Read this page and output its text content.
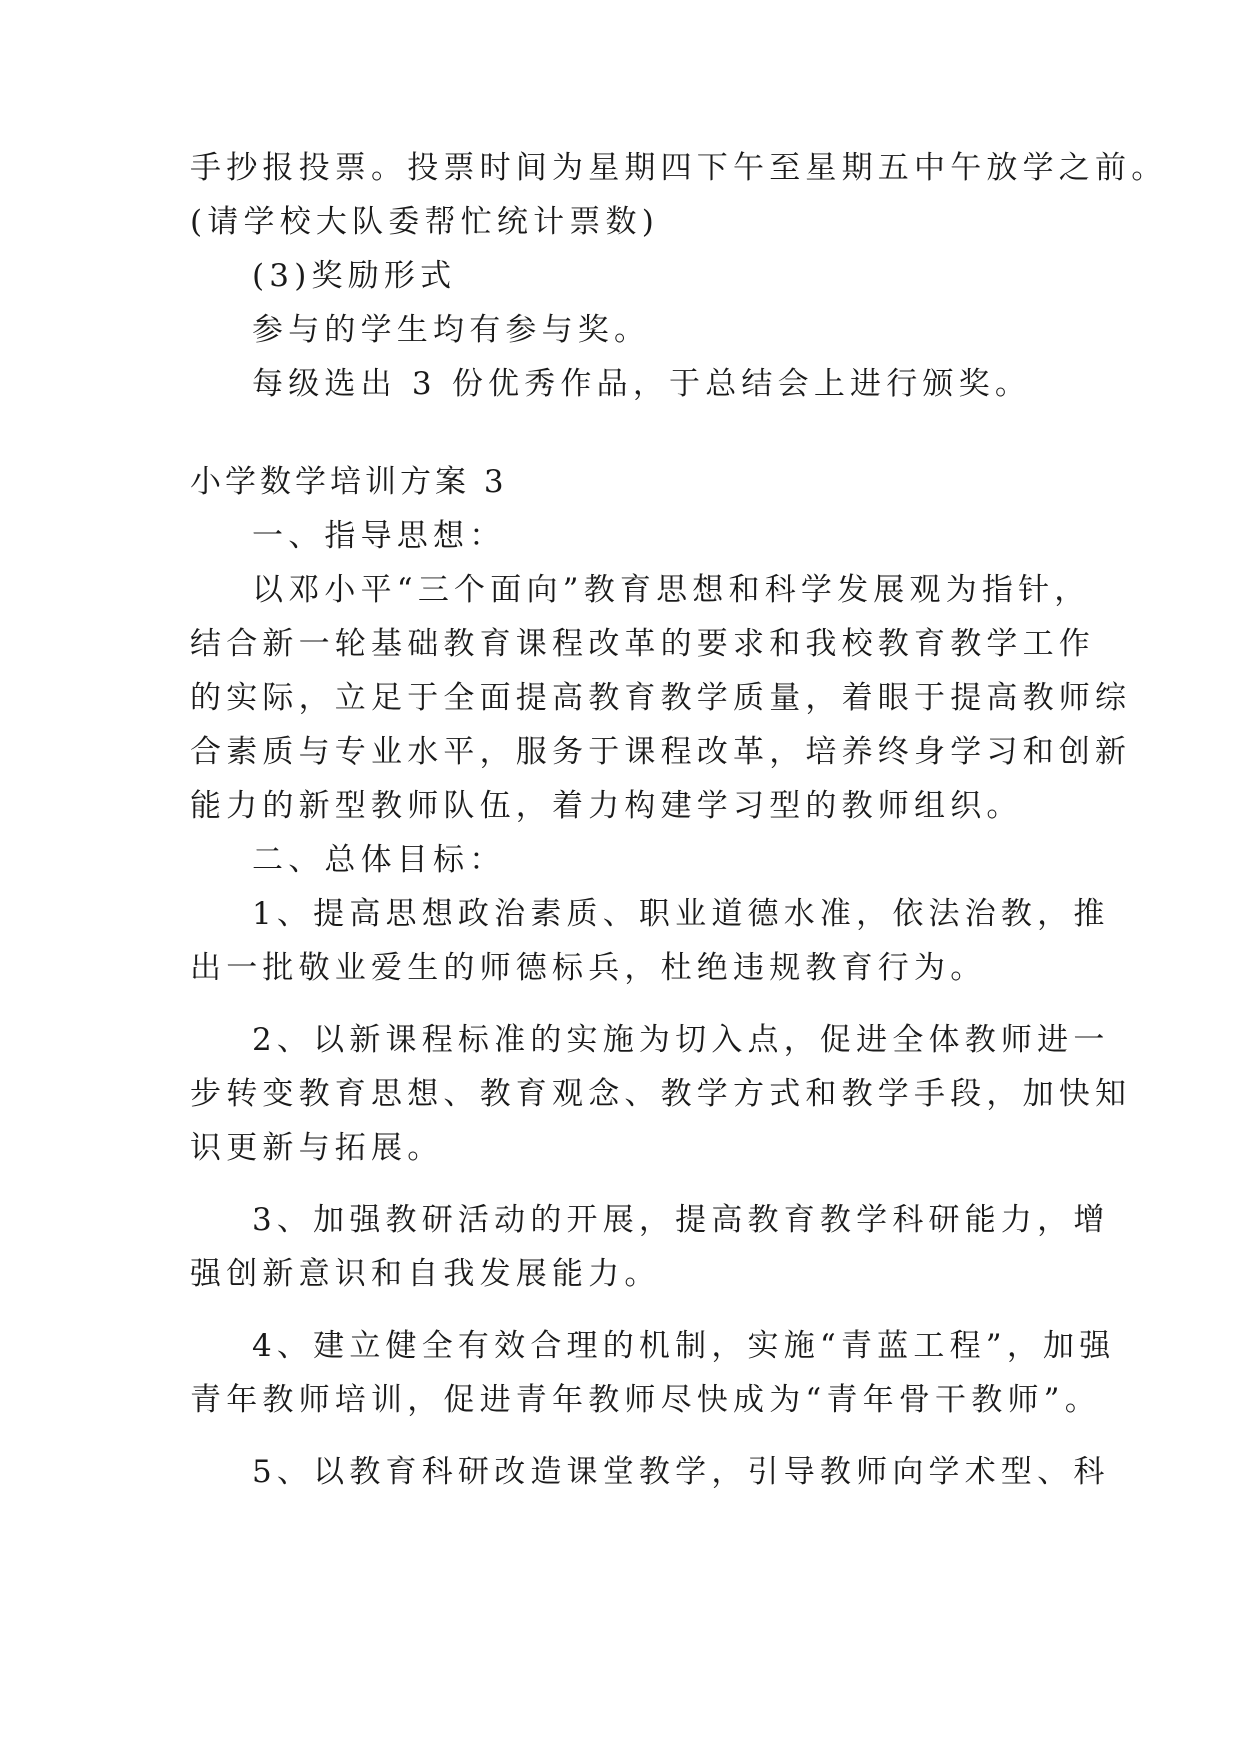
手抄报投票。投票时间为星期四下午至星期五中午放学之前。
(请学校大队委帮忙统计票数)
(3)奖励形式
参与的学生均有参与奖。
每级选出 3 份优秀作品，于总结会上进行颁奖。
小学数学培训方案 3
一、指导思想：
以邓小平“三个面向”教育思想和科学发展观为指针，
结合新一轮基础教育课程改革的要求和我校教育教学工作
的实际，立足于全面提高教育教学质量，着眼于提高教师综
合素质与专业水平，服务于课程改革，培养终身学习和创新
能力的新型教师队伍，着力构建学习型的教师组织。
二、总体目标：
1、提高思想政治素质、职业道德水准，依法治教，推
出一批敬业爱生的师德标兵，杜绝违规教育行为。
2、以新课程标准的实施为切入点，促进全体教师进一
步转变教育思想、教育观念、教学方式和教学手段，加快知
识更新与拓展。
3、加强教研活动的开展，提高教育教学科研能力，增
强创新意识和自我发展能力。
4、建立健全有效合理的机制，实施“青蓝工程”，加强
青年教师培训，促进青年教师尽快成为“青年骨干教师”。
5、以教育科研改造课堂教学，引导教师向学术型、科
